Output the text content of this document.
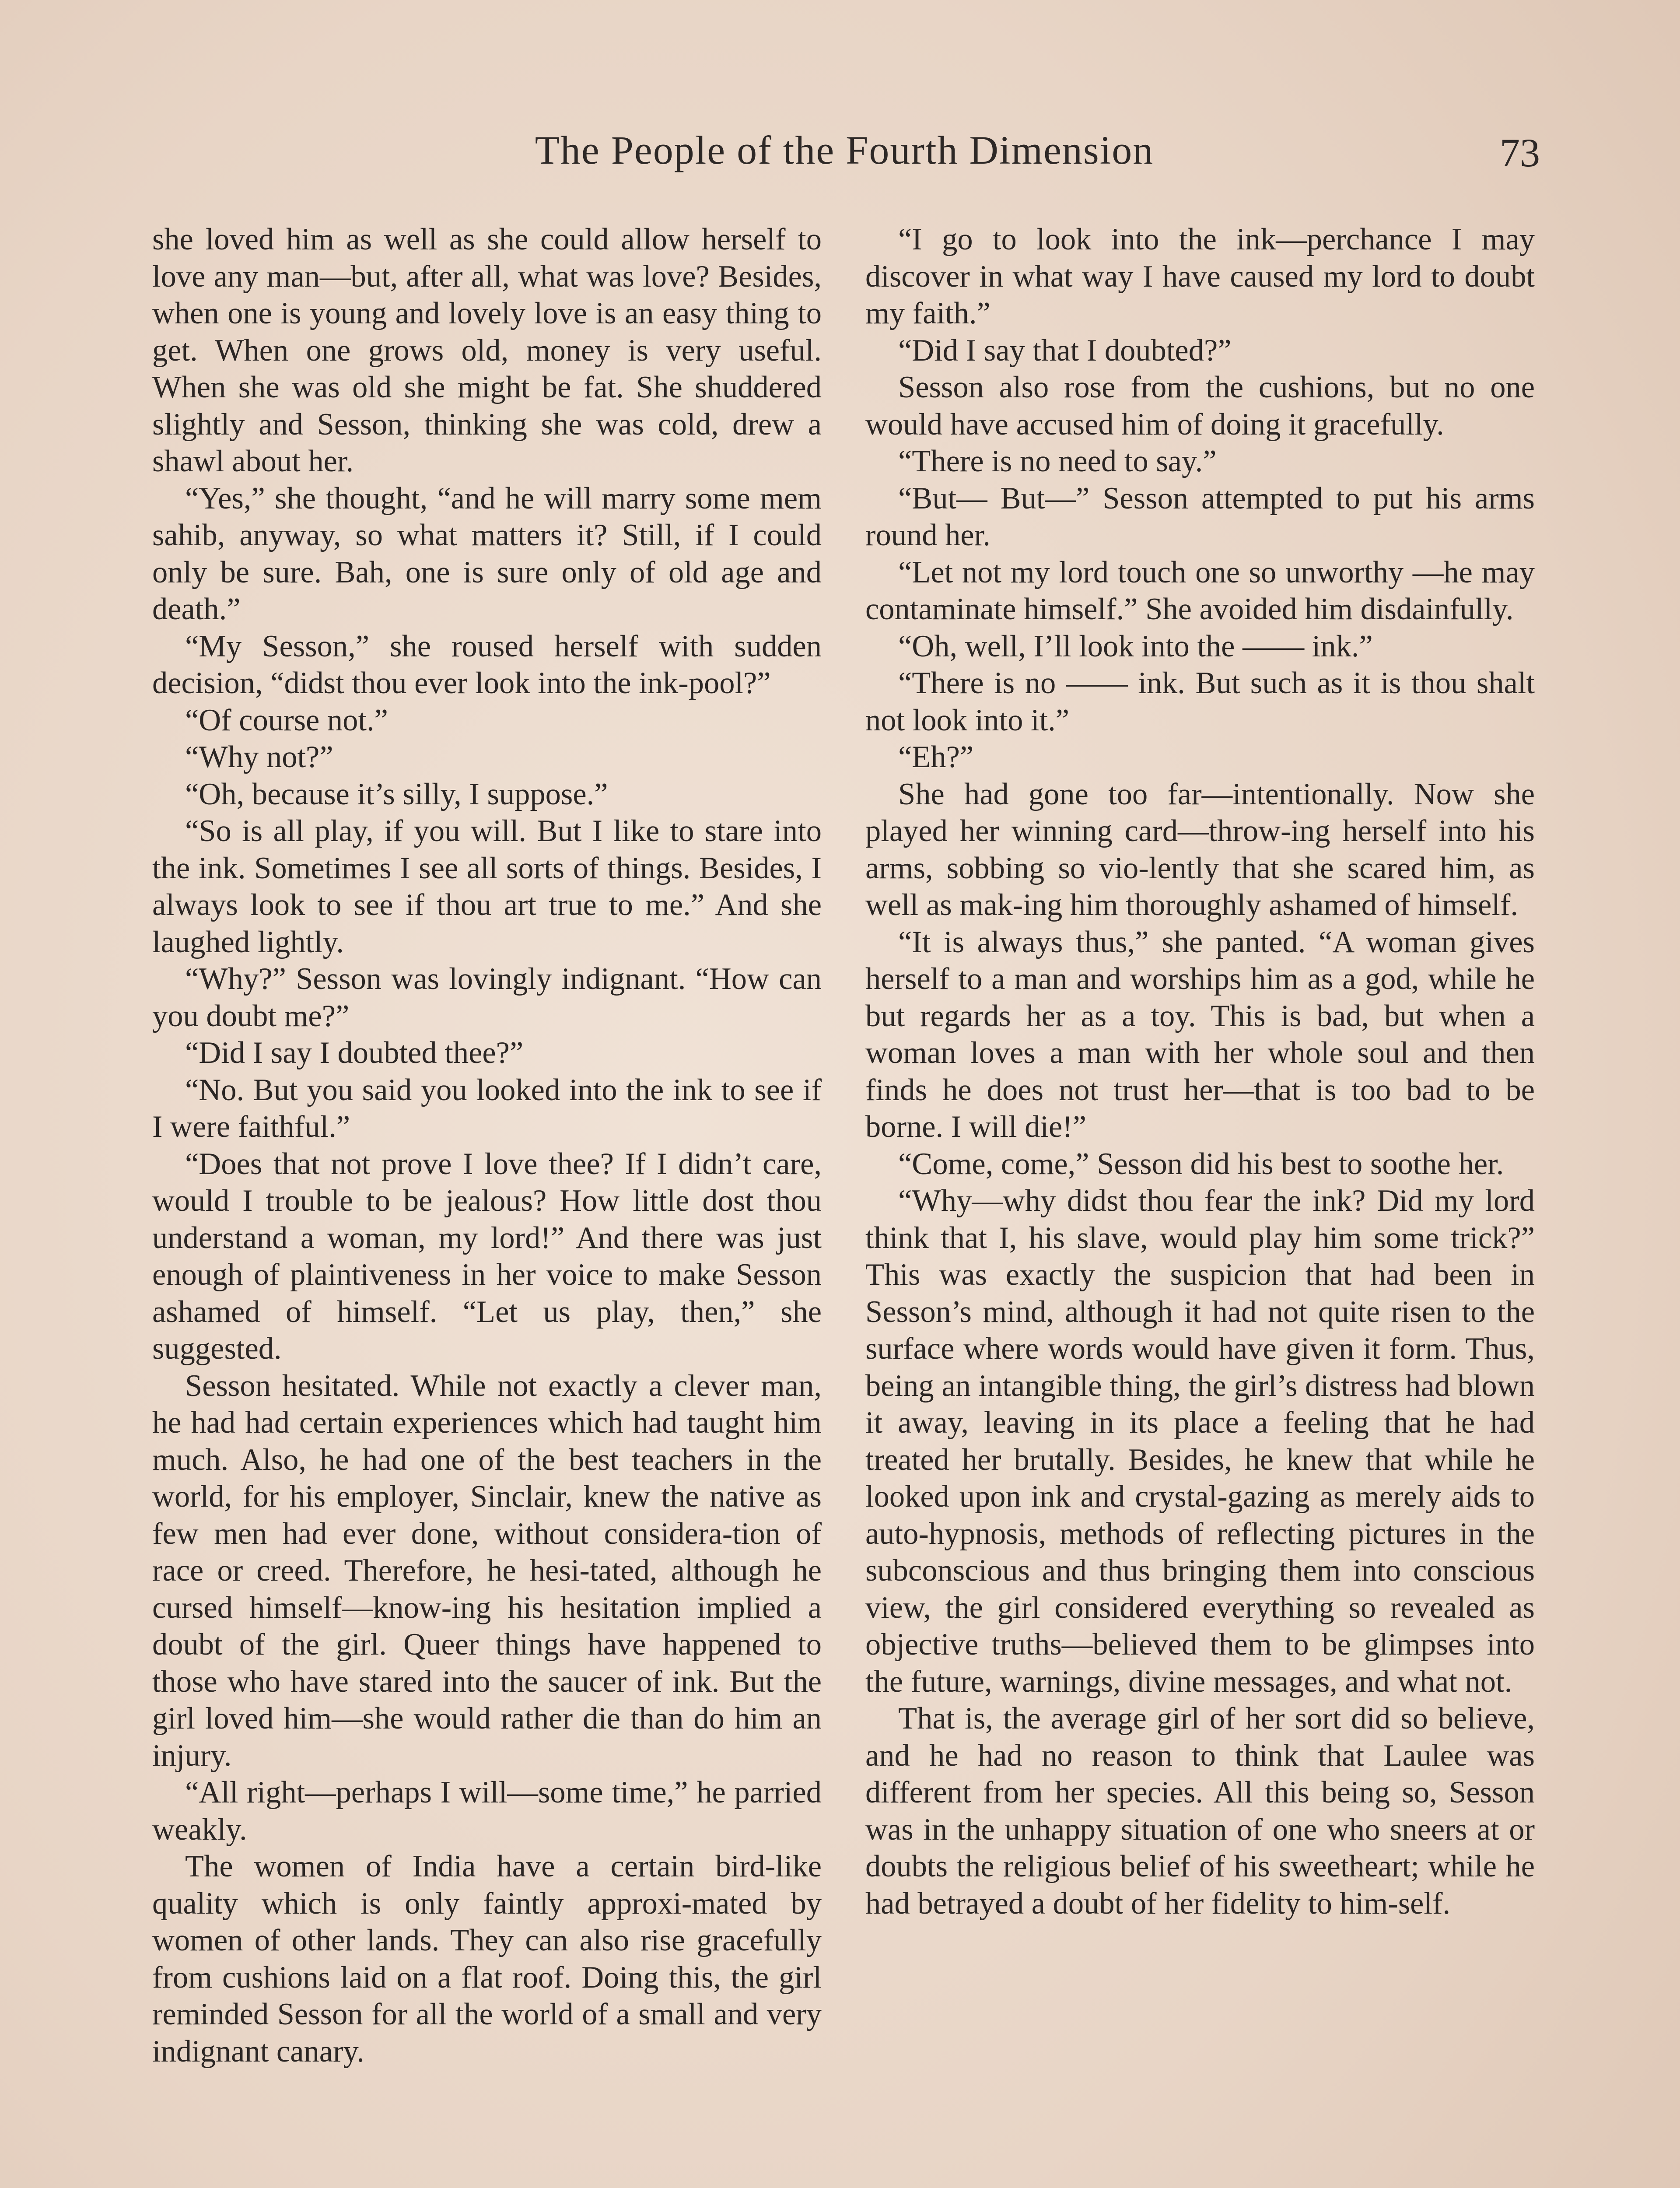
The People of the Fourth Dimension	73

she loved him as well as she could allow herself to love any man—but, after all, what was love? Besides, when one is young and lovely love is an easy thing to get. When one grows old, money is very useful. When she was old she might be fat. She shuddered slightly and Sesson, thinking she was cold, drew a shawl about her.

“Yes,” she thought, “and he will marry some mem sahib, anyway, so what matters it? Still, if I could only be sure. Bah, one is sure only of old age and death.”

“My Sesson,” she roused herself with sudden decision, “didst thou ever look into the ink-pool?”

“Of course not.”

“Why not?”

“Oh, because it’s silly, I suppose.”

“So is all play, if you will. But I like to stare into the ink. Sometimes I see all sorts of things. Besides, I always look to see if thou art true to me.” And she laughed lightly.

“Why?” Sesson was lovingly indignant. “How can you doubt me?”

“Did I say I doubted thee?”

“No. But you said you looked into the ink to see if I were faithful.”

“Does that not prove I love thee? If I didn’t care, would I trouble to be jealous? How little dost thou understand a woman, my lord!” And there was just enough of plaintiveness in her voice to make Sesson ashamed of himself. “Let us play, then,” she suggested.

Sesson hesitated. While not exactly a clever man, he had had certain experiences which had taught him much. Also, he had one of the best teachers in the world, for his employer, Sinclair, knew the native as few men had ever done, without considera-tion of race or creed. Therefore, he hesi-tated, although he cursed himself—know-ing his hesitation implied a doubt of the girl. Queer things have happened to those who have stared into the saucer of ink. But the girl loved him—she would rather die than do him an injury.

“All right—perhaps I will—some time,” he parried weakly.

The women of India have a certain bird-like quality which is only faintly approxi-mated by women of other lands. They can also rise gracefully from cushions laid on a flat roof. Doing this, the girl reminded Sesson for all the world of a small and very indignant canary.

“I go to look into the ink—perchance I may discover in what way I have caused my lord to doubt my faith.”

“Did I say that I doubted?”

Sesson also rose from the cushions, but no one would have accused him of doing it gracefully.

“There is no need to say.”

“But— But—” Sesson attempted to put his arms round her.

“Let not my lord touch one so unworthy —he may contaminate himself.” She avoided him disdainfully.

“Oh, well, I’ll look into the —— ink.”

“There is no —— ink. But such as it is thou shalt not look into it.”

“Eh?”

She had gone too far—intentionally. Now she played her winning card—throw-ing herself into his arms, sobbing so vio-lently that she scared him, as well as mak-ing him thoroughly ashamed of himself.

“It is always thus,” she panted. “A woman gives herself to a man and worships him as a god, while he but regards her as a toy. This is bad, but when a woman loves a man with her whole soul and then finds he does not trust her—that is too bad to be borne. I will die!”

“Come, come,” Sesson did his best to soothe her.

“Why—why didst thou fear the ink? Did my lord think that I, his slave, would play him some trick?” This was exactly the suspicion that had been in Sesson’s mind, although it had not quite risen to the surface where words would have given it form. Thus, being an intangible thing, the girl’s distress had blown it away, leaving in its place a feeling that he had treated her brutally. Besides, he knew that while he looked upon ink and crystal-gazing as merely aids to auto-hypnosis, methods of reflecting pictures in the subconscious and thus bringing them into conscious view, the girl considered everything so revealed as objective truths—believed them to be glimpses into the future, warnings, divine messages, and what not.

That is, the average girl of her sort did so believe, and he had no reason to think that Laulee was different from her species. All this being so, Sesson was in the unhappy situation of one who sneers at or doubts the religious belief of his sweetheart; while he had betrayed a doubt of her fidelity to him-self.
